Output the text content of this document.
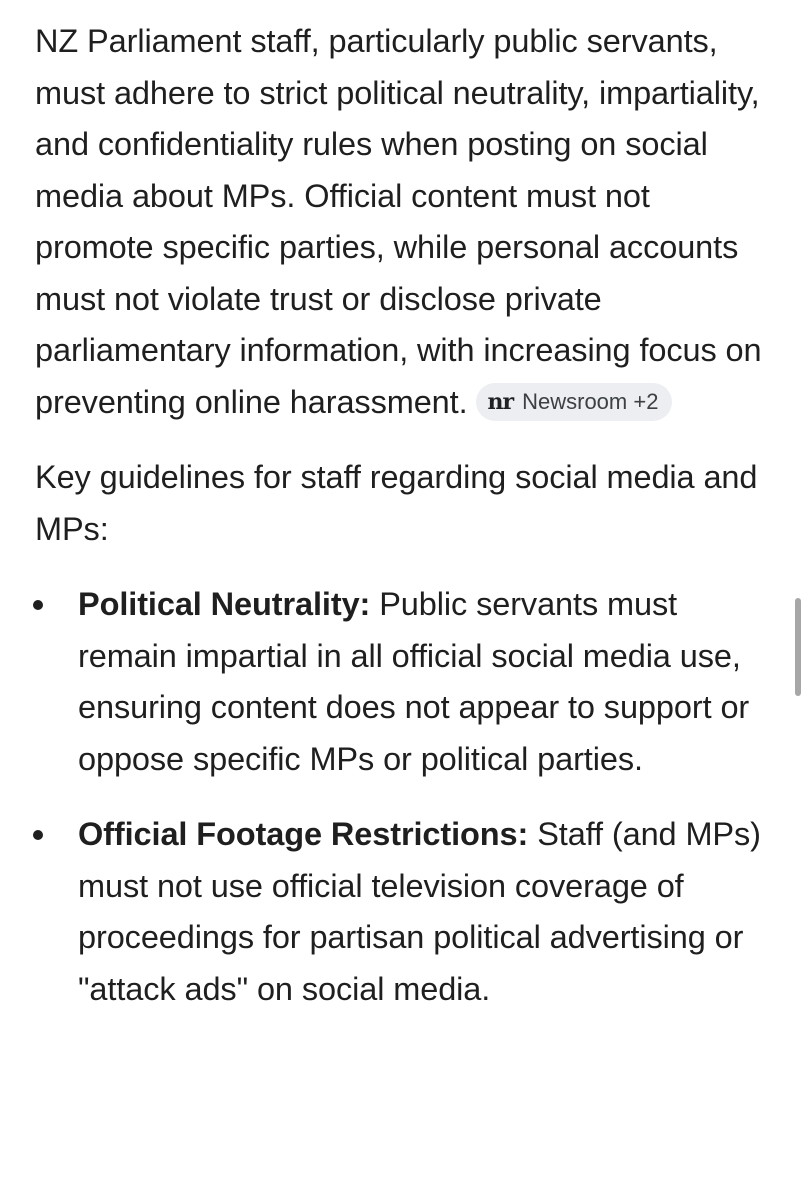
NZ Parliament staff, particularly public servants, must adhere to strict political neutrality, impartiality, and confidentiality rules when posting on social media about MPs. Official content must not promote specific parties, while personal accounts must not violate trust or disclose private parliamentary information, with increasing focus on preventing online harassment. nr Newsroom +2

Key guidelines for staff regarding social media and MPs:

Political Neutrality: Public servants must remain impartial in all official social media use, ensuring content does not appear to support or oppose specific MPs or political parties.
Official Footage Restrictions: Staff (and MPs) must not use official television coverage of proceedings for partisan political advertising or "attack ads" on social media.
